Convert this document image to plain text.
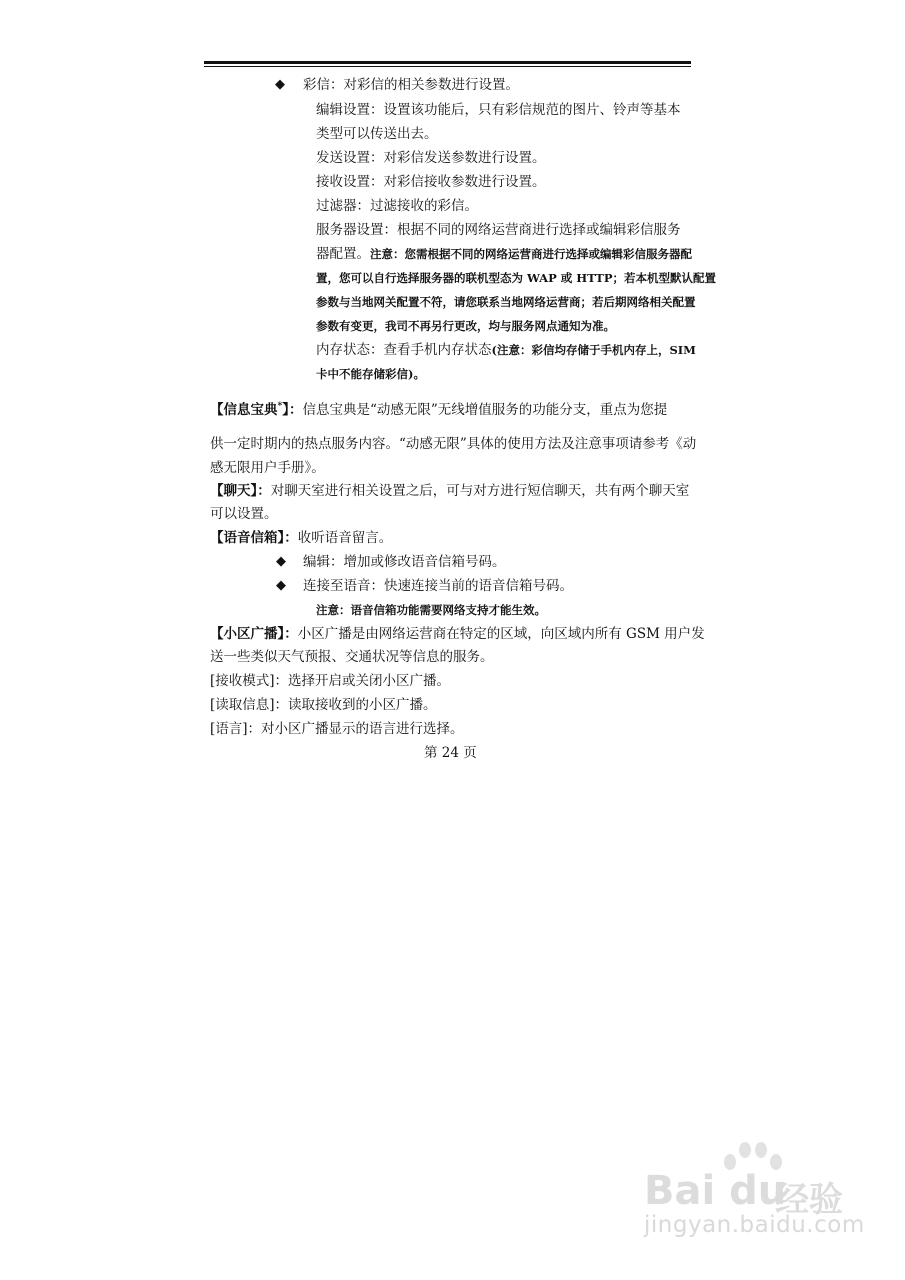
◆ 彩信：对彩信的相关参数进行设置。
编辑设置：设置该功能后，只有彩信规范的图片、铃声等基本
类型可以传送出去。
发送设置：对彩信发送参数进行设置。
接收设置：对彩信接收参数进行设置。
过滤器：过滤接收的彩信。
服务器设置：根据不同的网络运营商进行选择或编辑彩信服务
器配置。注意：您需根据不同的网络运营商进行选择或编辑彩信服务器配
置，您可以自行选择服务器的联机型态为 WAP 或 HTTP；若本机型默认配置
参数与当地网关配置不符，请您联系当地网络运营商；若后期网络相关配置
参数有变更，我司不再另行更改，均与服务网点通知为准。
内存状态：查看手机内存状态(注意：彩信均存储于手机内存上，SIM
卡中不能存储彩信)。
【信息宝典*】：信息宝典是“动感无限”无线增值服务的功能分支，重点为您提
供一定时期内的热点服务内容。“动感无限”具体的使用方法及注意事项请参考《动
感无限用户手册》。
【聊天】：对聊天室进行相关设置之后，可与对方进行短信聊天，共有两个聊天室
可以设置。
【语音信箱】：收听语音留言。
◆ 编辑：增加或修改语音信箱号码。
◆ 连接至语音：快速连接当前的语音信箱号码。
注意：语音信箱功能需要网络支持才能生效。
【小区广播】：小区广播是由网络运营商在特定的区域，向区域内所有 GSM 用户发
送一些类似天气预报、交通状况等信息的服务。
[接收模式]：选择开启或关闭小区广播。
[读取信息]：读取接收到的小区广播。
[语言]：对小区广播显示的语言进行选择。
第 24 页
Bai du
经验
jingyan.baidu.com
